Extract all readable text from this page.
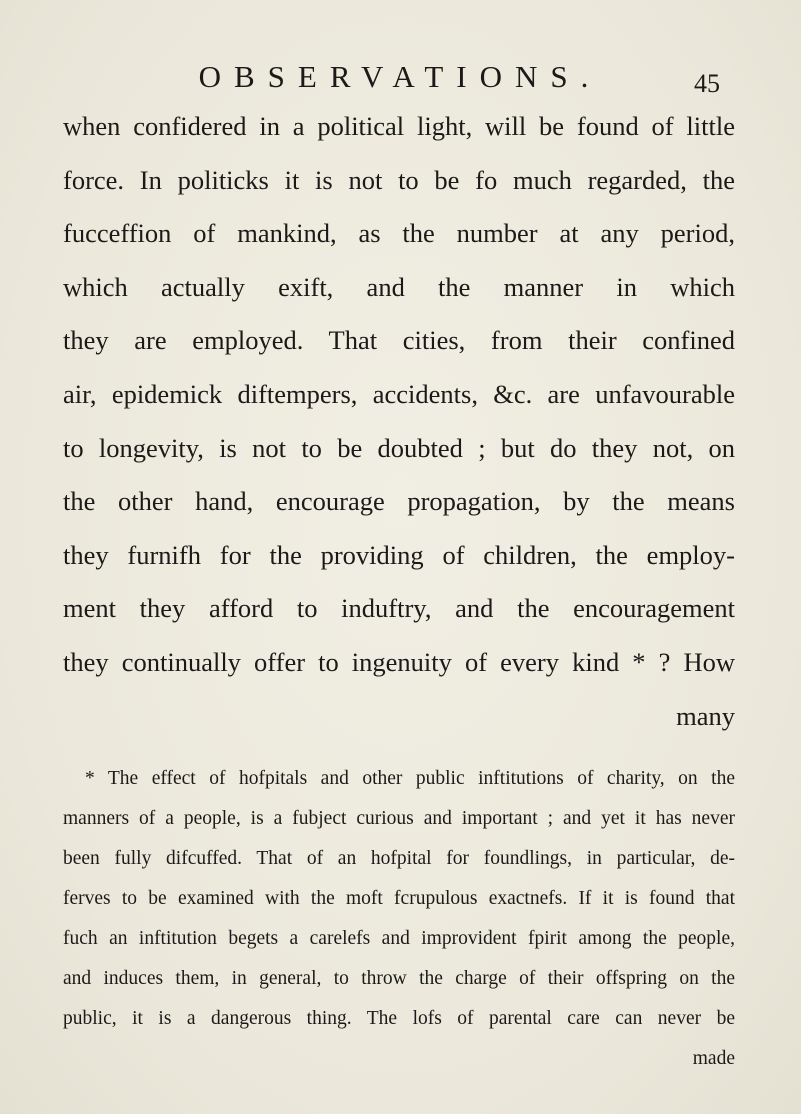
OBSERVATIONS.	45
when confidered in a political light, will be found of little
force. In politicks it is not to be fo much regarded, the
fucceffion of mankind, as the number at any period,
which actually exift, and the manner in which
they are employed. That cities, from their confined
air, epidemick diftempers, accidents, &c. are unfavourable
to longevity, is not to be doubted ; but do they not, on
the other hand, encourage propagation, by the means
they furnifh for the providing of children, the employ-
ment they afford to induftry, and the encouragement
they continually offer to ingenuity of every kind * ? How
many
* The effect of hofpitals and other public inftitutions of charity, on the
manners of a people, is a fubject curious and important ; and yet it has never
been fully difcuffed. That of an hofpital for foundlings, in particular, de-
ferves to be examined with the moft fcrupulous exactnefs. If it is found that
fuch an inftitution begets a carelefs and improvident fpirit among the people,
and induces them, in general, to throw the charge of their offspring on the
public, it is a dangerous thing. The lofs of parental care can never be
made
